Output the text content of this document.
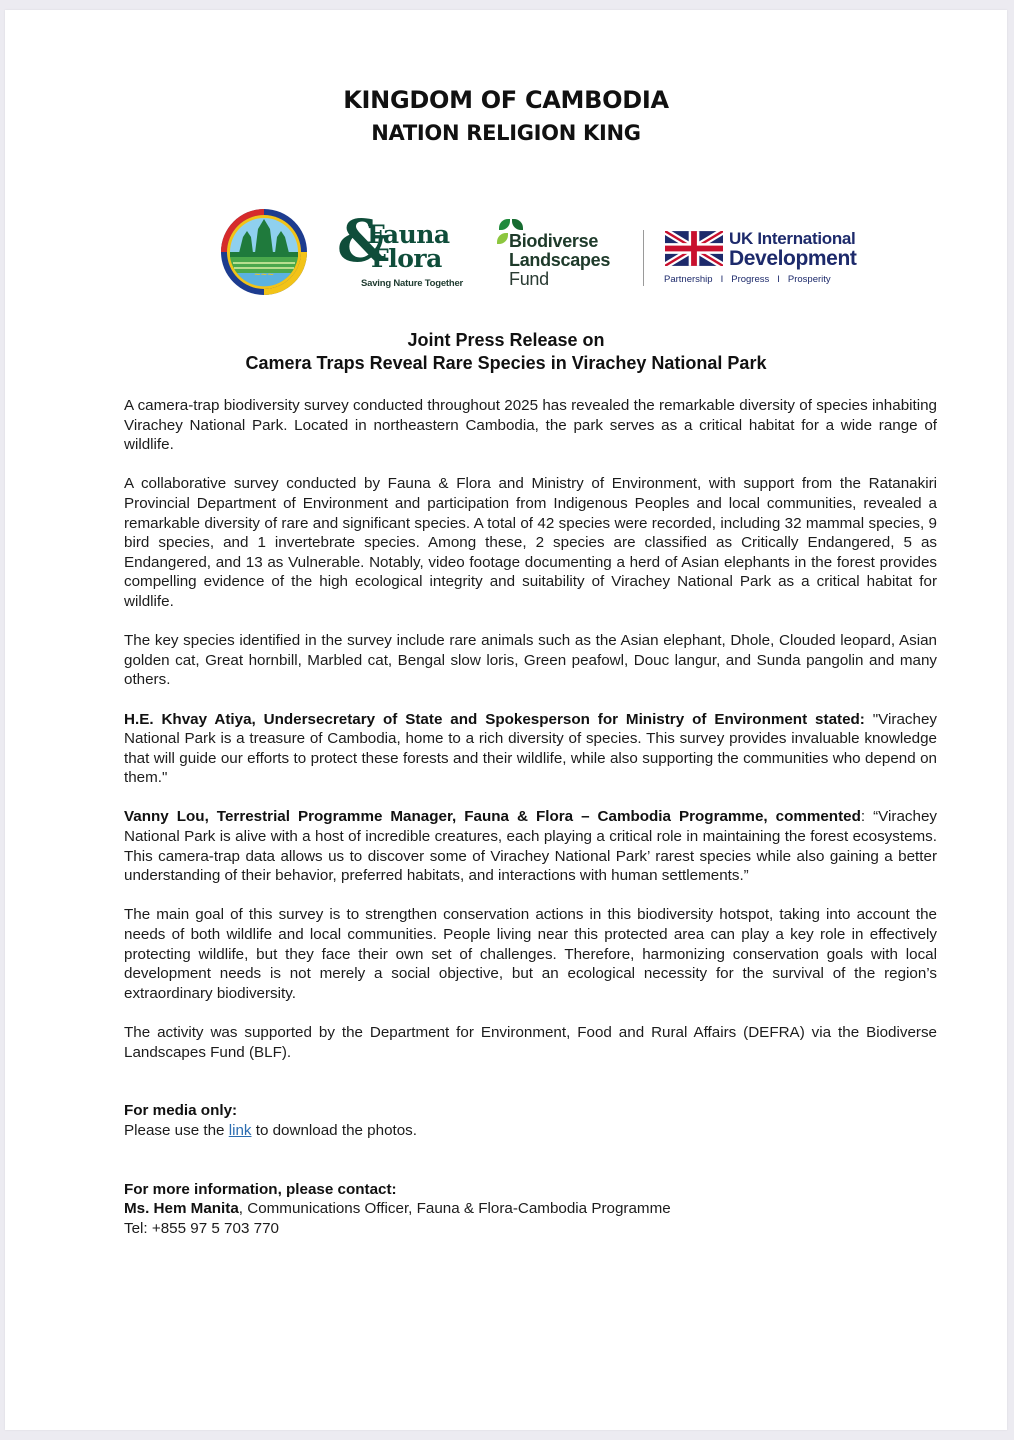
KINGDOM OF CAMBODIA
NATION RELIGION KING
~~~ &
Fauna
Flora
Saving Nature Together
Biodiverse
Landscapes
Fund
UK International
Development
Partnership I Progress I Prosperity
Joint Press Release on
Camera Traps Reveal Rare Species in Virachey National Park

A camera-trap biodiversity survey conducted throughout 2025 has revealed the remarkable diversity of species inhabiting Virachey National Park. Located in northeastern Cambodia, the park serves as a critical habitat for a wide range of wildlife.

A collaborative survey conducted by Fauna & Flora and Ministry of Environment, with support from the Ratanakiri Provincial Department of Environment and participation from Indigenous Peoples and local communities, revealed a remarkable diversity of rare and significant species. A total of 42 species were recorded, including 32 mammal species, 9 bird species, and 1 invertebrate species. Among these, 2 species are classified as Critically Endangered, 5 as Endangered, and 13 as Vulnerable. Notably, video footage documenting a herd of Asian elephants in the forest provides compelling evidence of the high ecological integrity and suitability of Virachey National Park as a critical habitat for wildlife.

The key species identified in the survey include rare animals such as the Asian elephant, Dhole, Clouded leopard, Asian golden cat, Great hornbill, Marbled cat, Bengal slow loris, Green peafowl, Douc langur, and Sunda pangolin and many others.

H.E. Khvay Atiya, Undersecretary of State and Spokesperson for Ministry of Environment stated: "Virachey National Park is a treasure of Cambodia, home to a rich diversity of species. This survey provides invaluable knowledge that will guide our efforts to protect these forests and their wildlife, while also supporting the communities who depend on them."

Vanny Lou, Terrestrial Programme Manager, Fauna & Flora – Cambodia Programme, commented: “Virachey National Park is alive with a host of incredible creatures, each playing a critical role in maintaining the forest ecosystems. This camera-trap data allows us to discover some of Virachey National Park’ rarest species while also gaining a better understanding of their behavior, preferred habitats, and interactions with human settlements.”

The main goal of this survey is to strengthen conservation actions in this biodiversity hotspot, taking into account the needs of both wildlife and local communities. People living near this protected area can play a key role in effectively protecting wildlife, but they face their own set of challenges. Therefore, harmonizing conservation goals with local development needs is not merely a social objective, but an ecological necessity for the survival of the region’s extraordinary biodiversity.

The activity was supported by the Department for Environment, Food and Rural Affairs (DEFRA) via the Biodiverse Landscapes Fund (BLF).

For media only:

Please use the link to download the photos.

For more information, please contact:

Ms. Hem Manita, Communications Officer, Fauna & Flora-Cambodia Programme

Tel: +855 97 5 703 770
